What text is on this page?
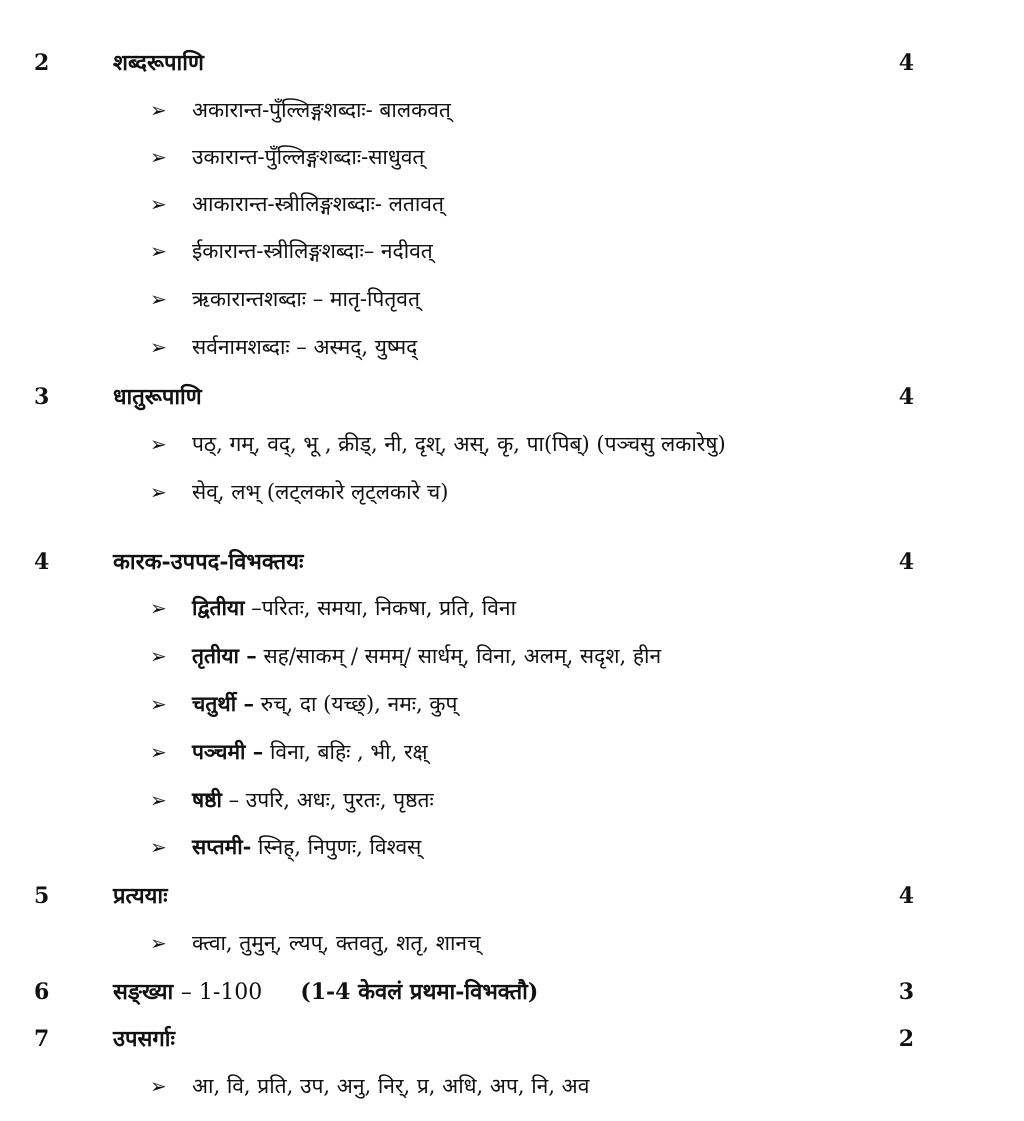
2	शब्दरूपाणि	4
➢ अकारान्त-पुँल्लिङ्गशब्दाः- बालकवत्
➢ उकारान्त-पुँल्लिङ्गशब्दाः-साधुवत्
➢ आकारान्त-स्त्रीलिङ्गशब्दाः- लतावत्
➢ ईकारान्त-स्त्रीलिङ्गशब्दाः– नदीवत्
➢ ऋकारान्तशब्दाः – मातृ-पितृवत्
➢ सर्वनामशब्दाः – अस्मद्, युष्मद्
3	धातुरूपाणि	4
➢ पठ्, गम्, वद्, भू , क्रीड्, नी, दृश्, अस्, कृ, पा(पिब्) (पञ्चसु लकारेषु)
➢ सेव्, लभ् (लट्लकारे लृट्लकारे च)
4	कारक-उपपद-विभक्तयः	4
➢ द्वितीया –परितः, समया, निकषा, प्रति, विना
➢ तृतीया – सह/साकम् / समम्/ सार्धम्, विना, अलम्, सदृश, हीन
➢ चतुर्थी – रुच्, दा (यच्छ्), नमः, कुप्
➢ पञ्चमी – विना, बहिः , भी, रक्ष्
➢ षष्ठी – उपरि, अधः, पुरतः, पृष्ठतः
➢ सप्तमी- स्निह्, निपुणः, विश्वस्
5	प्रत्ययाः	4
➢ क्त्वा, तुमुन्, ल्यप्, क्तवतु, शतृ, शानच्
6	सङ्ख्या – 1-100 (1-4 केवलं प्रथमा-विभक्तौ)	3
7	उपसर्गाः	2
➢ आ, वि, प्रति, उप, अनु, निर्, प्र, अधि, अप, नि, अव
